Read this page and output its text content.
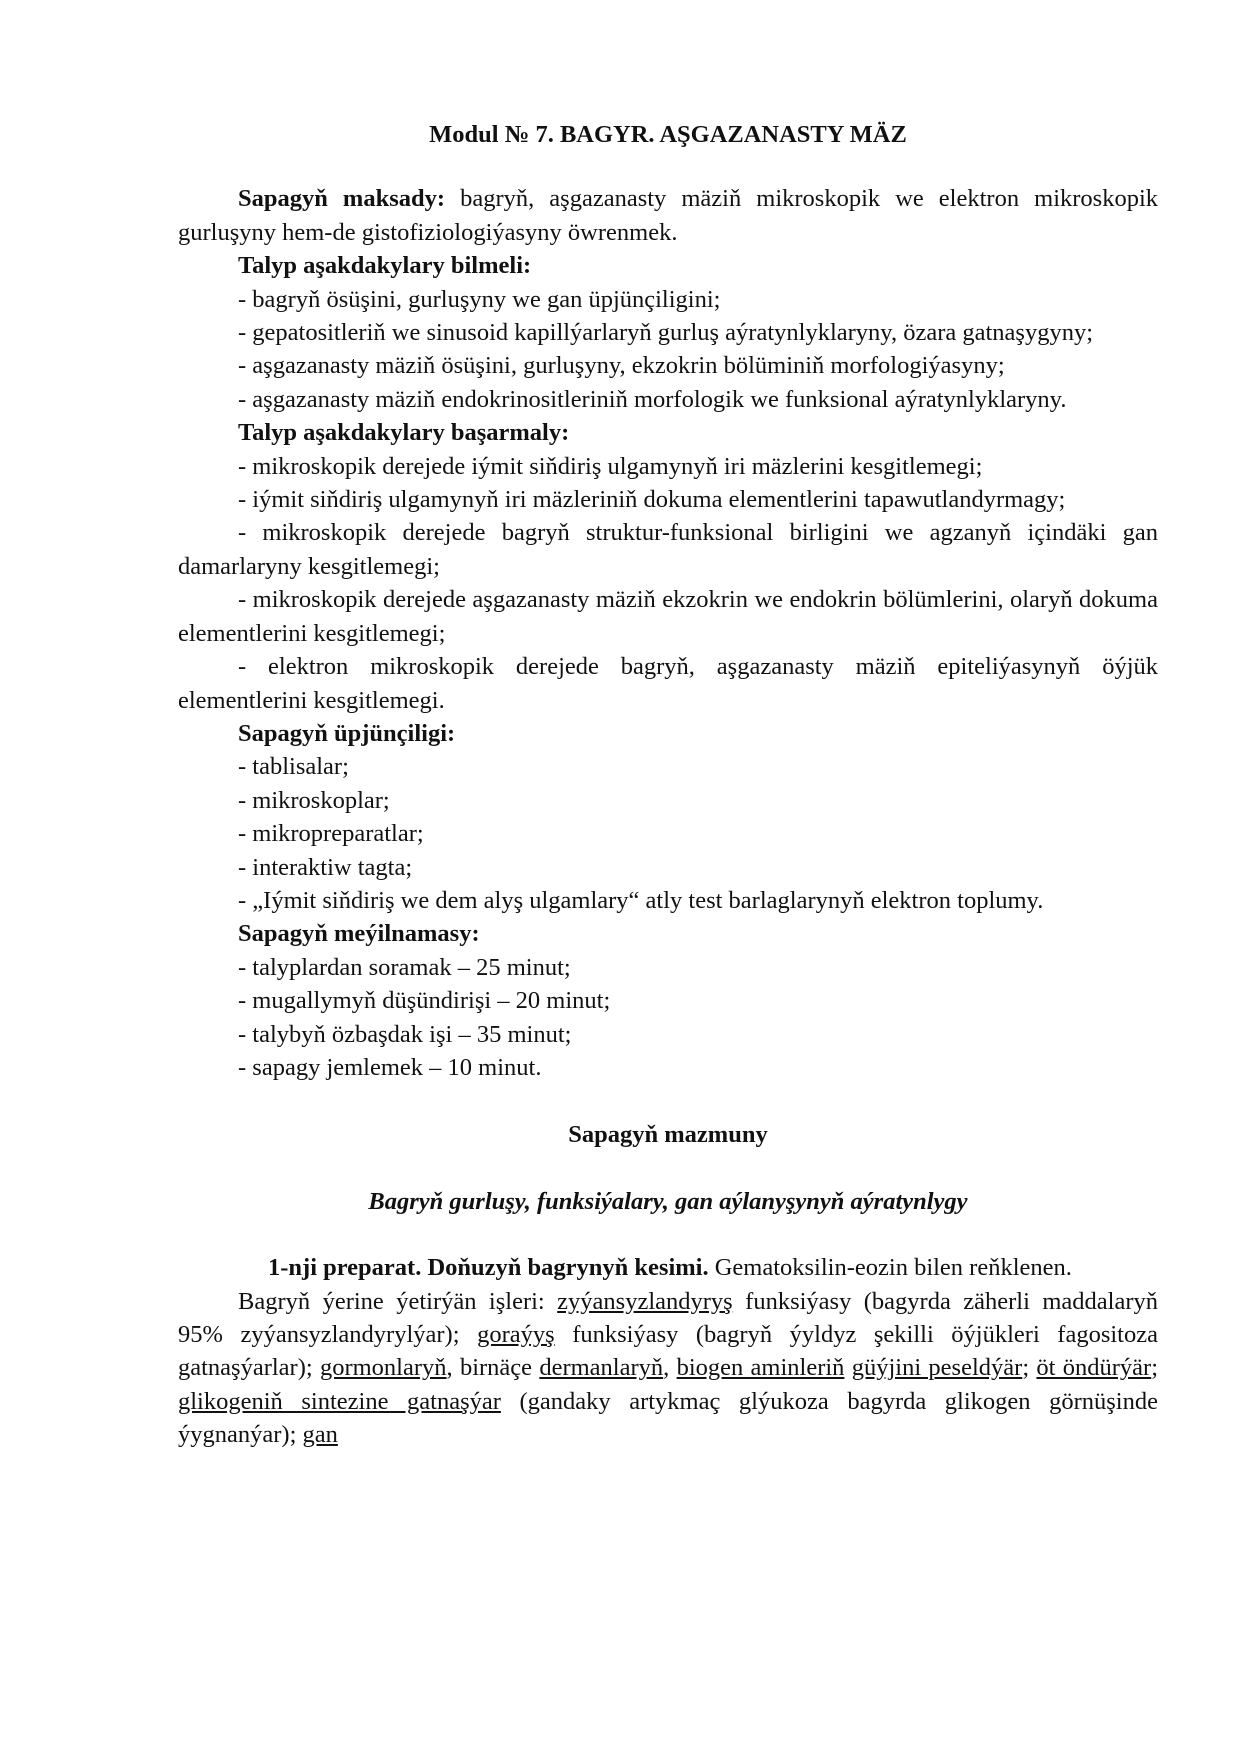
Modul № 7. BAGYR. AŞGAZANASTY MÄZ

Sapagyň maksady: bagryň, aşgazanasty mäziň mikroskopik we elektron mikroskopik gurluşyny hem-de gistofiziologiýasyny öwrenmek.

Talyp aşakdakylary bilmeli:

- bagryň ösüşini, gurluşyny we gan üpjünçiligini;

- gepatositleriň we sinusoid kapillýarlaryň gurluş aýratynlyklaryny, özara gatnaşygyny;

- aşgazanasty mäziň ösüşini, gurluşyny, ekzokrin bölüminiň morfologiýasyny;

- aşgazanasty mäziň endokrinositleriniň morfologik we funksional aýratynlyklaryny.

Talyp aşakdakylary başarmaly:

- mikroskopik derejede iýmit siňdiriş ulgamynyň iri mäzlerini kesgitlemegi;

- iýmit siňdiriş ulgamynyň iri mäzleriniň dokuma elementlerini tapawutlandyrmagy;

- mikroskopik derejede bagryň struktur-funksional birligini we agzanyň içindäki gan damarlaryny kesgitlemegi;

- mikroskopik derejede aşgazanasty mäziň ekzokrin we endokrin bölümlerini, olaryň dokuma elementlerini kesgitlemegi;

- elektron mikroskopik derejede bagryň, aşgazanasty mäziň epiteliýasynyň öýjük elementlerini kesgitlemegi.

Sapagyň üpjünçiligi:

- tablisalar;

- mikroskoplar;

- mikropreparatlar;

- interaktiw tagta;

- „Iýmit siňdiriş we dem alyş ulgamlary“ atly test barlaglarynyň elektron toplumy.

Sapagyň meýilnamasy:

- talyplardan soramak – 25 minut;

- mugallymyň düşündirişi – 20 minut;

- talybyň özbaşdak işi – 35 minut;

- sapagy jemlemek – 10 minut.

Sapagyň mazmuny

Bagryň gurluşy, funksiýalary, gan aýlanyşynyň aýratynlygy

1-nji preparat. Doňuzyň bagrynyň kesimi. Gematoksilin-eozin bilen reňklenen.

Bagryň ýerine ýetirýän işleri: zyýansyzlandyryş funksiýasy (bagyrda zäherli maddalaryň 95% zyýansyzlandyrylýar); goraýyş funksiýasy (bagryň ýyldyz şekilli öýjükleri fagositoza gatnaşýarlar); gormonlaryň, birnäçe dermanlaryň, biogen aminleriň güýjini peseldýär; öt öndürýär; glikogeniň sintezine gatnaşýar (gandaky artykmaç glýukoza bagyrda glikogen görnüşinde ýygnanýar); gan
